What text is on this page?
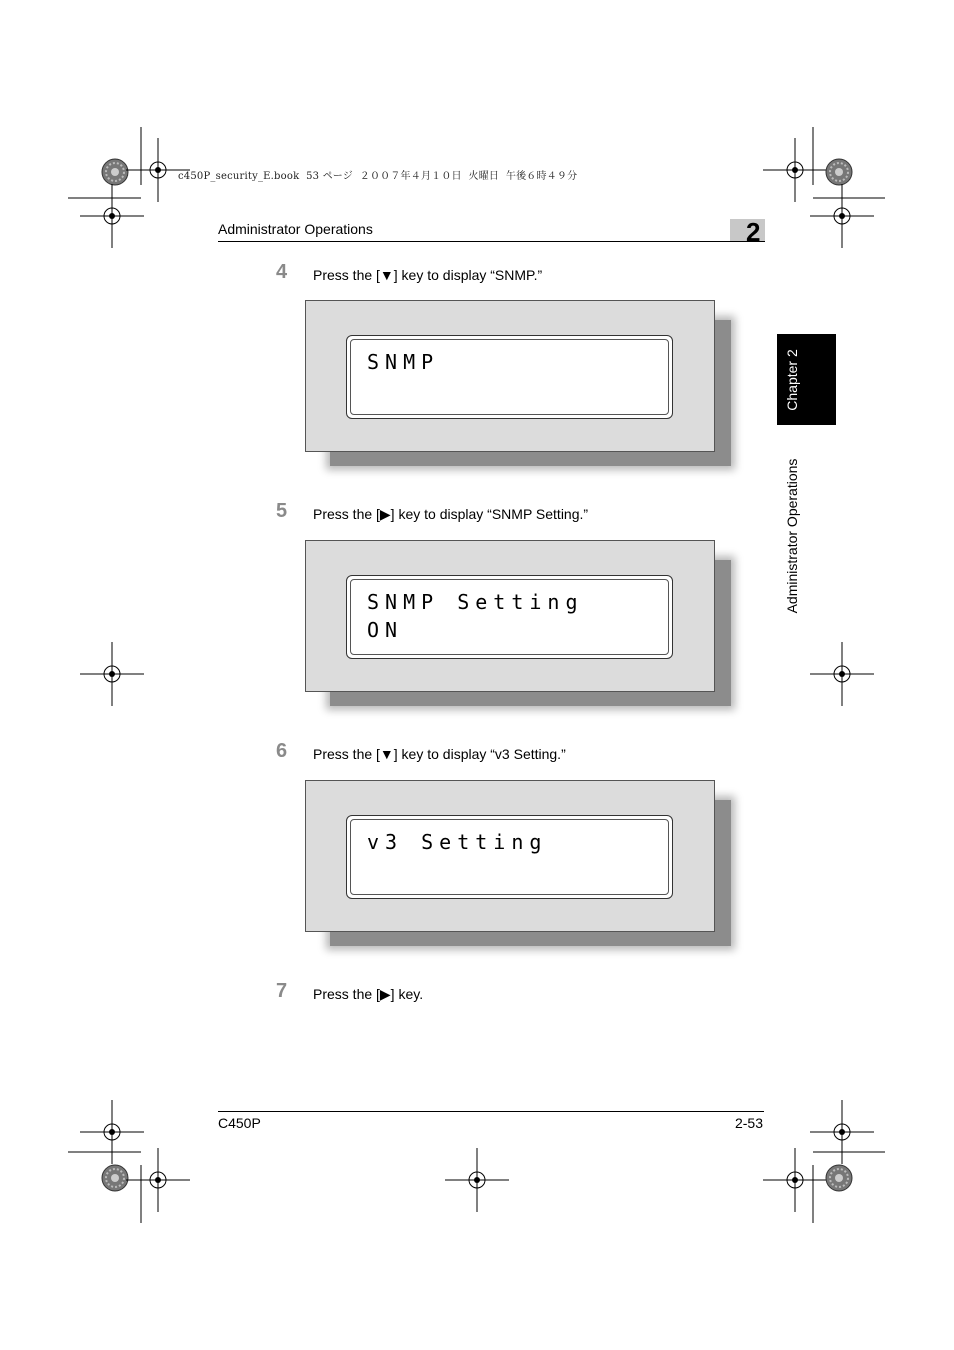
c450P_security_E.book  53 ページ  ２００７年４月１０日  火曜日  午後６時４９分
Administrator Operations	2
Chapter 2
Administrator Operations
4 Press the [▼] key to display “SNMP.”
SNMP
5 Press the [▶] key to display “SNMP Setting.”
SNMP Setting
ON
6 Press the [▼] key to display “v3 Setting.”
v3 Setting
7 Press the [▶] key.
C450P	2-53
